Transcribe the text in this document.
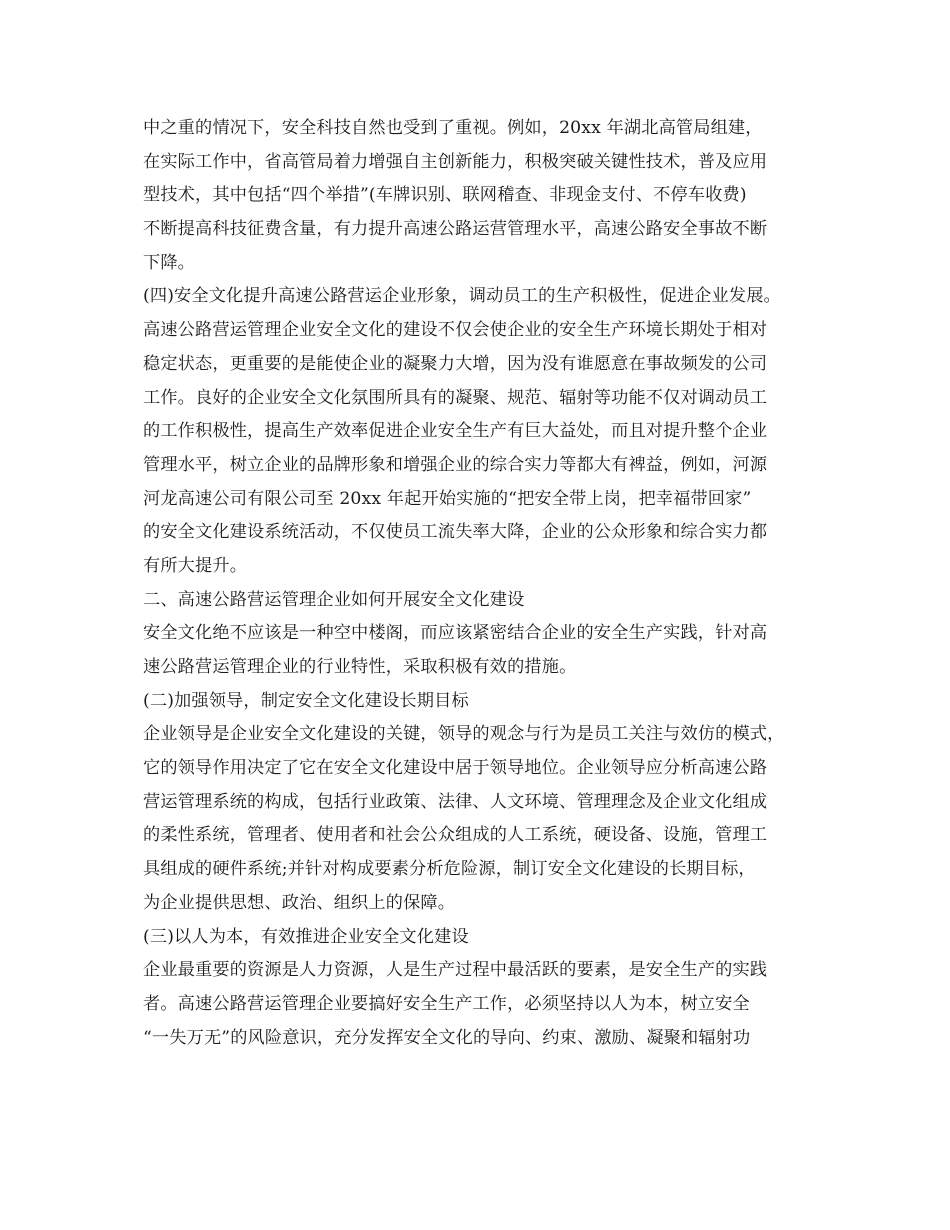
中之重的情况下，安全科技自然也受到了重视。例如，20xx 年湖北高管局组建，
在实际工作中，省高管局着力增强自主创新能力，积极突破关键性技术，普及应用
型技术，其中包括“四个举措”(车牌识别、联网稽查、非现金支付、不停车收费)
不断提高科技征费含量，有力提升高速公路运营管理水平，高速公路安全事故不断
下降。
(四)安全文化提升高速公路营运企业形象，调动员工的生产积极性，促进企业发展。
高速公路营运管理企业安全文化的建设不仅会使企业的安全生产环境长期处于相对
稳定状态，更重要的是能使企业的凝聚力大增，因为没有谁愿意在事故频发的公司
工作。良好的企业安全文化氛围所具有的凝聚、规范、辐射等功能不仅对调动员工
的工作积极性，提高生产效率促进企业安全生产有巨大益处，而且对提升整个企业
管理水平，树立企业的品牌形象和增强企业的综合实力等都大有裨益，例如，河源
河龙高速公司有限公司至 20xx 年起开始实施的“把安全带上岗，把幸福带回家”
的安全文化建设系统活动，不仅使员工流失率大降，企业的公众形象和综合实力都
有所大提升。
二、高速公路营运管理企业如何开展安全文化建设
安全文化绝不应该是一种空中楼阁，而应该紧密结合企业的安全生产实践，针对高
速公路营运管理企业的行业特性，采取积极有效的措施。
(二)加强领导，制定安全文化建设长期目标
企业领导是企业安全文化建设的关键，领导的观念与行为是员工关注与效仿的模式，
它的领导作用决定了它在安全文化建设中居于领导地位。企业领导应分析高速公路
营运管理系统的构成，包括行业政策、法律、人文环境、管理理念及企业文化组成
的柔性系统，管理者、使用者和社会公众组成的人工系统，硬设备、设施，管理工
具组成的硬件系统;并针对构成要素分析危险源，制订安全文化建设的长期目标，
为企业提供思想、政治、组织上的保障。
(三)以人为本，有效推进企业安全文化建设
企业最重要的资源是人力资源，人是生产过程中最活跃的要素，是安全生产的实践
者。高速公路营运管理企业要搞好安全生产工作，必须坚持以人为本，树立安全
“一失万无”的风险意识，充分发挥安全文化的导向、约束、激励、凝聚和辐射功
